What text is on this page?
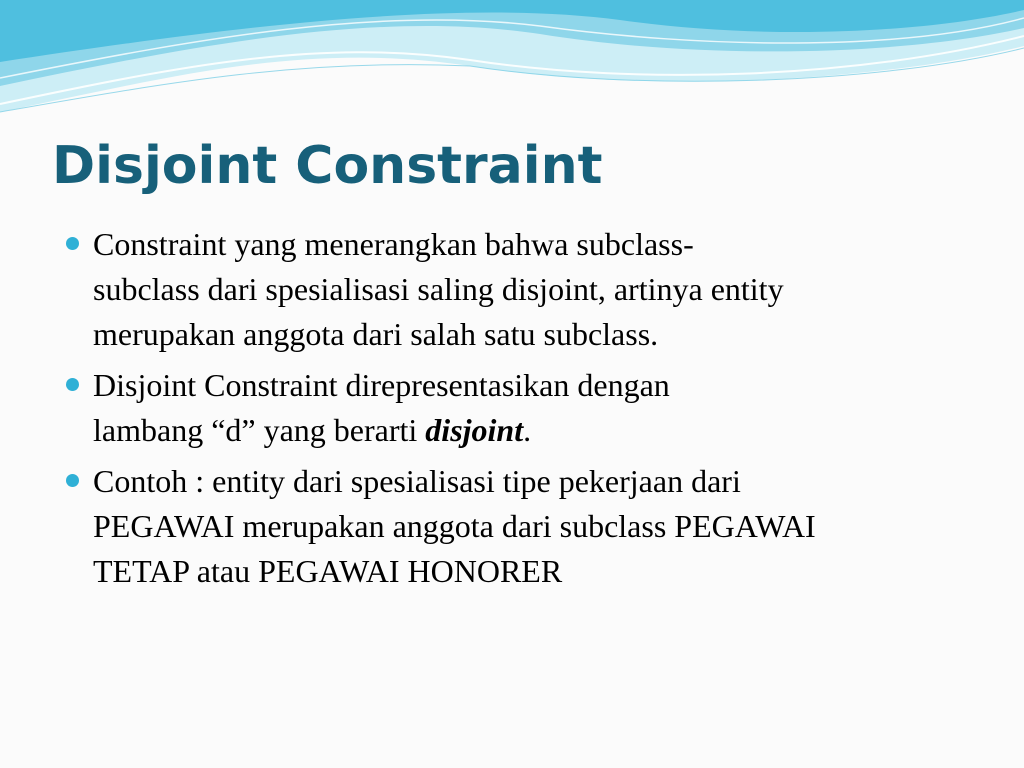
Disjoint Constraint
Constraint yang menerangkan bahwa subclass-
subclass dari spesialisasi saling disjoint, artinya entity
merupakan anggota dari salah satu subclass.
Disjoint Constraint direpresentasikan dengan
lambang “d” yang berarti disjoint.
Contoh : entity dari spesialisasi tipe pekerjaan dari
PEGAWAI merupakan anggota dari subclass PEGAWAI
TETAP atau PEGAWAI HONORER
